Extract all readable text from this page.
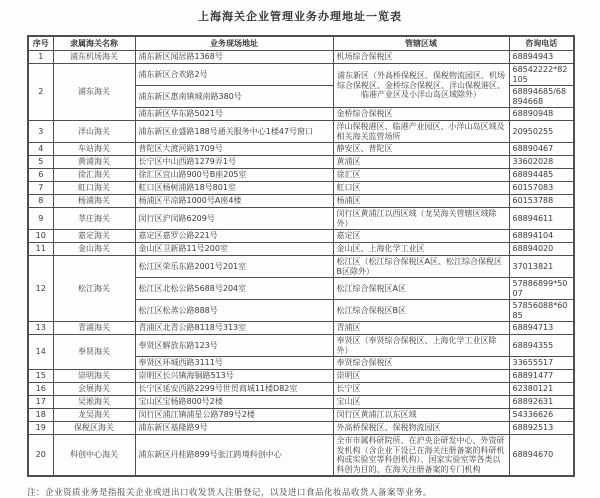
上海海关企业管理业务办理地址一览表
序号	隶属海关名称	业务现场地址	管辖区域	咨询电话
1	浦东机场海关	浦东新区闻居路1368号	机场综合保税区	68894943
2	浦东海关	浦东新区合欢路2号	浦东新区（外高桥保税区、保税物流园区、机场综合保税区、金桥综合保税区、洋山保税港区、临港产业区及小洋山岛区域除外）	68542222*82105
		浦东新区惠南镇城南路380号		68894685/68894668
		浦东新区华东路5021号	金桥综合保税区	68890948
3	洋山海关	浦东新区业盛路188号通关服务中心1楼47号窗口	洋山保税港区、临港产业园区、小洋山岛区域及相关海关监管场所	20950255
4	车站海关	普陀区大渡河路1709号	静安区、普陀区	68890467
5	黄浦海关	长宁区中山西路1279弄1号	黄浦区	33602028
6	徐汇海关	徐汇区宜山路900号B座205室	徐汇区	68894485
7	虹口海关	虹口区杨树浦路18号801室	虹口区	60157083
8	杨浦海关	杨浦区平凉路1000号A座4楼	杨浦区	60153788
9	莘庄海关	闵行区沪闵路6209号	闵行区黄浦江以西区域（龙吴海关管辖区域除外）	68894611
10	嘉定海关	嘉定区嘉罗公路221号	嘉定区	68894104
11	金山海关	金山区卫新路11号200室	金山区、上海化学工业区	68894020
12	松江海关	松江区荣乐东路2001号201室	松江区（松江综合保税区A区、松江综合保税区B区除外）	37013821
		松江区北松公路5688号204室	松江综合保税区A区	57886899*5007
		松江区松蒸公路888号	松江综合保税区B区	57856088*6085
13	青浦海关	青浦区北青公路8118号313室	青浦区	68894713
14	奉贤海关	奉贤区解放东路123号	奉贤区（奉贤综合保税区、上海化学工业区除外）	68894355
		奉贤区环城西路3111号	奉贤综合保税区	33655517
15	崇明海关	崇明区长兴镇海铜路513号	崇明区	68891477
16	会展海关	长宁区延安西路2299号世贸商城11楼D82室	长宁区	62380121
17	吴淞海关	宝山区宝杨路800号2楼	宝山区	68892631
18	龙吴海关	闵行区浦江镇浦星公路789号2楼	闵行区黄浦江以东区域	54336626
19	保税区海关	浦东新区基隆路9号	外高桥保税区、保税物流园区	68892513
20	科创中心海关	浦东新区丹桂路899号张江跨境科创中心	全市市属科研院所、在沪央企研发中心、外资研发机构（含企业下设已在海关注册备案的科研机构或实验室等科创机构）、国家实验室等各类以科创为目的、在海关注册备案的专门机构	68894670
注：企业资质业务是指报关企业或进出口收发货人注册登记，以及进口食品化妆品收货人备案等业务。
